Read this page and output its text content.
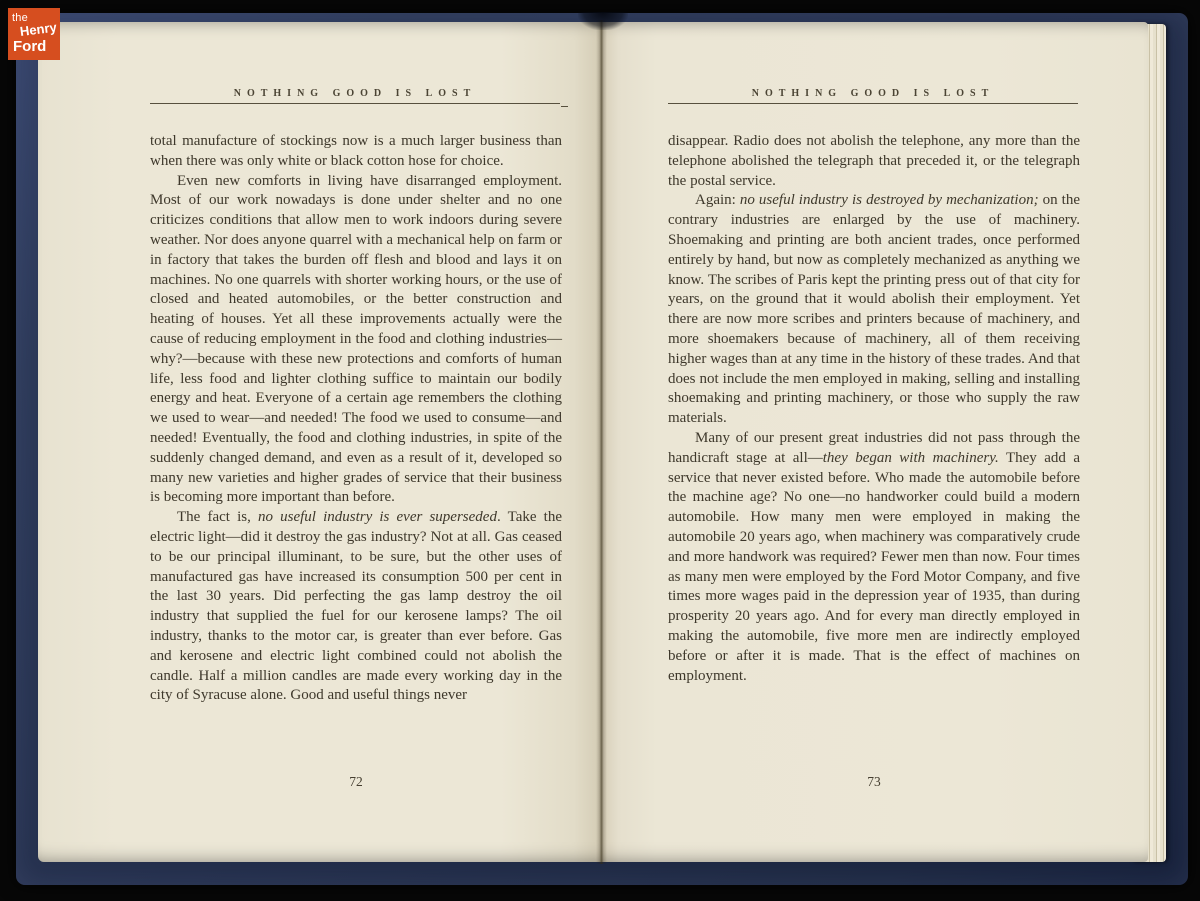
NOTHING GOOD IS LOST

total manufacture of stockings now is a much larger business than when there was only white or black cotton hose for choice.

Even new comforts in living have disarranged employment. Most of our work nowadays is done under shelter and no one criticizes conditions that allow men to work indoors during severe weather. Nor does anyone quarrel with a mechanical help on farm or in factory that takes the burden off flesh and blood and lays it on machines. No one quarrels with shorter working hours, or the use of closed and heated automobiles, or the better construction and heating of houses. Yet all these improvements actually were the cause of reducing employment in the food and clothing industries—why?—because with these new protections and comforts of human life, less food and lighter clothing suffice to maintain our bodily energy and heat. Everyone of a certain age remembers the clothing we used to wear—and needed! The food we used to consume—and needed! Eventually, the food and clothing industries, in spite of the suddenly changed demand, and even as a result of it, developed so many new varieties and higher grades of service that their business is becoming more important than before.

The fact is, no useful industry is ever superseded. Take the electric light—did it destroy the gas industry? Not at all. Gas ceased to be our principal illuminant, to be sure, but the other uses of manufactured gas have increased its consumption 500 per cent in the last 30 years. Did perfecting the gas lamp destroy the oil industry that supplied the fuel for our kerosene lamps? The oil industry, thanks to the motor car, is greater than ever before. Gas and kerosene and electric light combined could not abolish the candle. Half a million candles are made every working day in the city of Syracuse alone. Good and useful things never

72
NOTHING GOOD IS LOST

disappear. Radio does not abolish the telephone, any more than the telephone abolished the telegraph that preceded it, or the telegraph the postal service.

Again: no useful industry is destroyed by mechanization; on the contrary industries are enlarged by the use of machinery. Shoemaking and printing are both ancient trades, once performed entirely by hand, but now as completely mechanized as anything we know. The scribes of Paris kept the printing press out of that city for years, on the ground that it would abolish their employment. Yet there are now more scribes and printers because of machinery, and more shoemakers because of machinery, all of them receiving higher wages than at any time in the history of these trades. And that does not include the men employed in making, selling and installing shoemaking and printing machinery, or those who supply the raw materials.

Many of our present great industries did not pass through the handicraft stage at all—they began with machinery. They add a service that never existed before. Who made the automobile before the machine age? No one—no handworker could build a modern automobile. How many men were employed in making the automobile 20 years ago, when machinery was comparatively crude and more handwork was required? Fewer men than now. Four times as many men were employed by the Ford Motor Company, and five times more wages paid in the depression year of 1935, than during prosperity 20 years ago. And for every man directly employed in making the automobile, five more men are indirectly employed before or after it is made. That is the effect of machines on employment.

73
the
Henry
Ford
